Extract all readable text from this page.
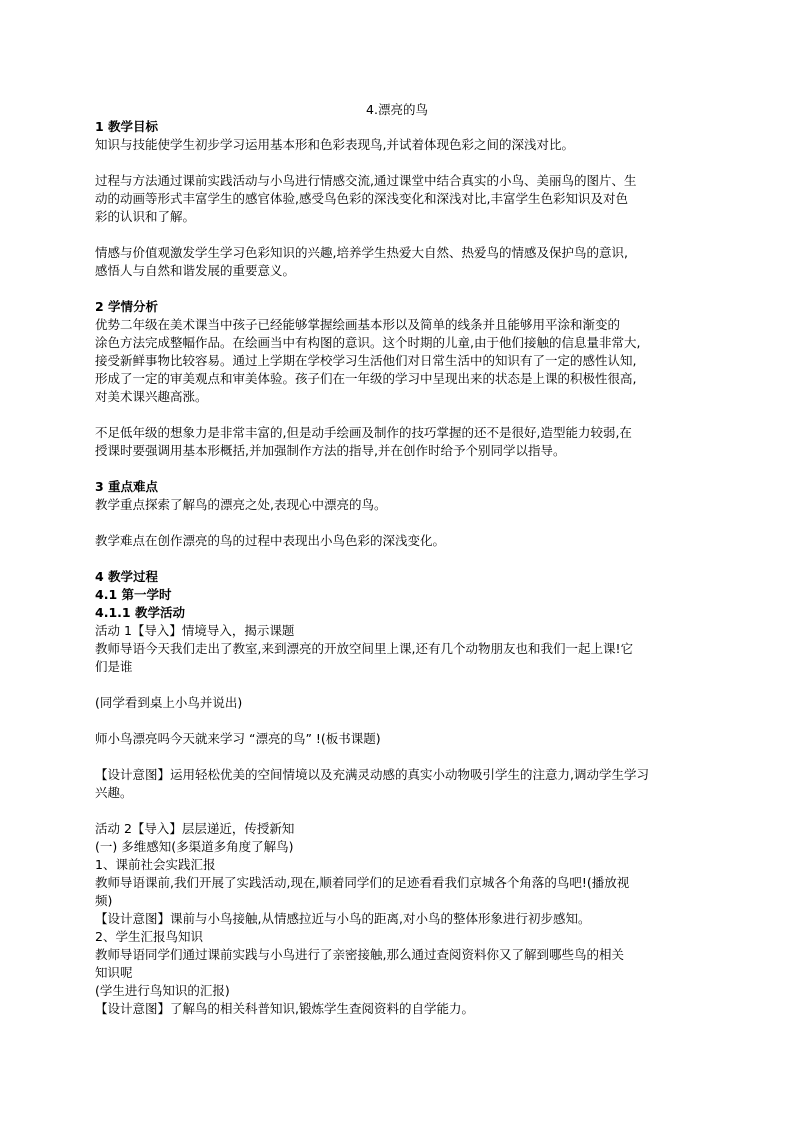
4.漂亮的鸟

1 教学目标

知识与技能使学生初步学习运用基本形和色彩表现鸟,并试着体现色彩之间的深浅对比。

过程与方法通过课前实践活动与小鸟进行情感交流,通过课堂中结合真实的小鸟、美丽鸟的图片、生

动的动画等形式丰富学生的感官体验,感受鸟色彩的深浅变化和深浅对比,丰富学生色彩知识及对色

彩的认识和了解。

情感与价值观激发学生学习色彩知识的兴趣,培养学生热爱大自然、热爱鸟的情感及保护鸟的意识,

感悟人与自然和谐发展的重要意义。

2 学情分析

优势二年级在美术课当中孩子已经能够掌握绘画基本形以及简单的线条并且能够用平涂和渐变的

涂色方法完成整幅作品。在绘画当中有构图的意识。这个时期的儿童,由于他们接触的信息量非常大,

接受新鲜事物比较容易。通过上学期在学校学习生活他们对日常生活中的知识有了一定的感性认知,

形成了一定的审美观点和审美体验。孩子们在一年级的学习中呈现出来的状态是上课的积极性很高,

对美术课兴趣高涨。

不足低年级的想象力是非常丰富的,但是动手绘画及制作的技巧掌握的还不是很好,造型能力较弱,在

授课时要强调用基本形概括,并加强制作方法的指导,并在创作时给予个别同学以指导。

3 重点难点

教学重点探索了解鸟的漂亮之处,表现心中漂亮的鸟。

教学难点在创作漂亮的鸟的过程中表现出小鸟色彩的深浅变化。

4 教学过程

4.1 第一学时

4.1.1 教学活动

活动 1【导入】情境导入，揭示课题

教师导语今天我们走出了教室,来到漂亮的开放空间里上课,还有几个动物朋友也和我们一起上课!它

们是谁

(同学看到桌上小鸟并说出)

师小鸟漂亮吗今天就来学习 “漂亮的鸟” !(板书课题)

【设计意图】运用轻松优美的空间情境以及充满灵动感的真实小动物吸引学生的注意力,调动学生学习

兴趣。

活动 2【导入】层层递近，传授新知

(一) 多维感知(多渠道多角度了解鸟)

1、课前社会实践汇报

教师导语课前,我们开展了实践活动,现在,顺着同学们的足迹看看我们京城各个角落的鸟吧!(播放视

频)

【设计意图】课前与小鸟接触,从情感拉近与小鸟的距离,对小鸟的整体形象进行初步感知。

2、学生汇报鸟知识

教师导语同学们通过课前实践与小鸟进行了亲密接触,那么通过查阅资料你又了解到哪些鸟的相关

知识呢

(学生进行鸟知识的汇报)

【设计意图】了解鸟的相关科普知识,锻炼学生查阅资料的自学能力。
